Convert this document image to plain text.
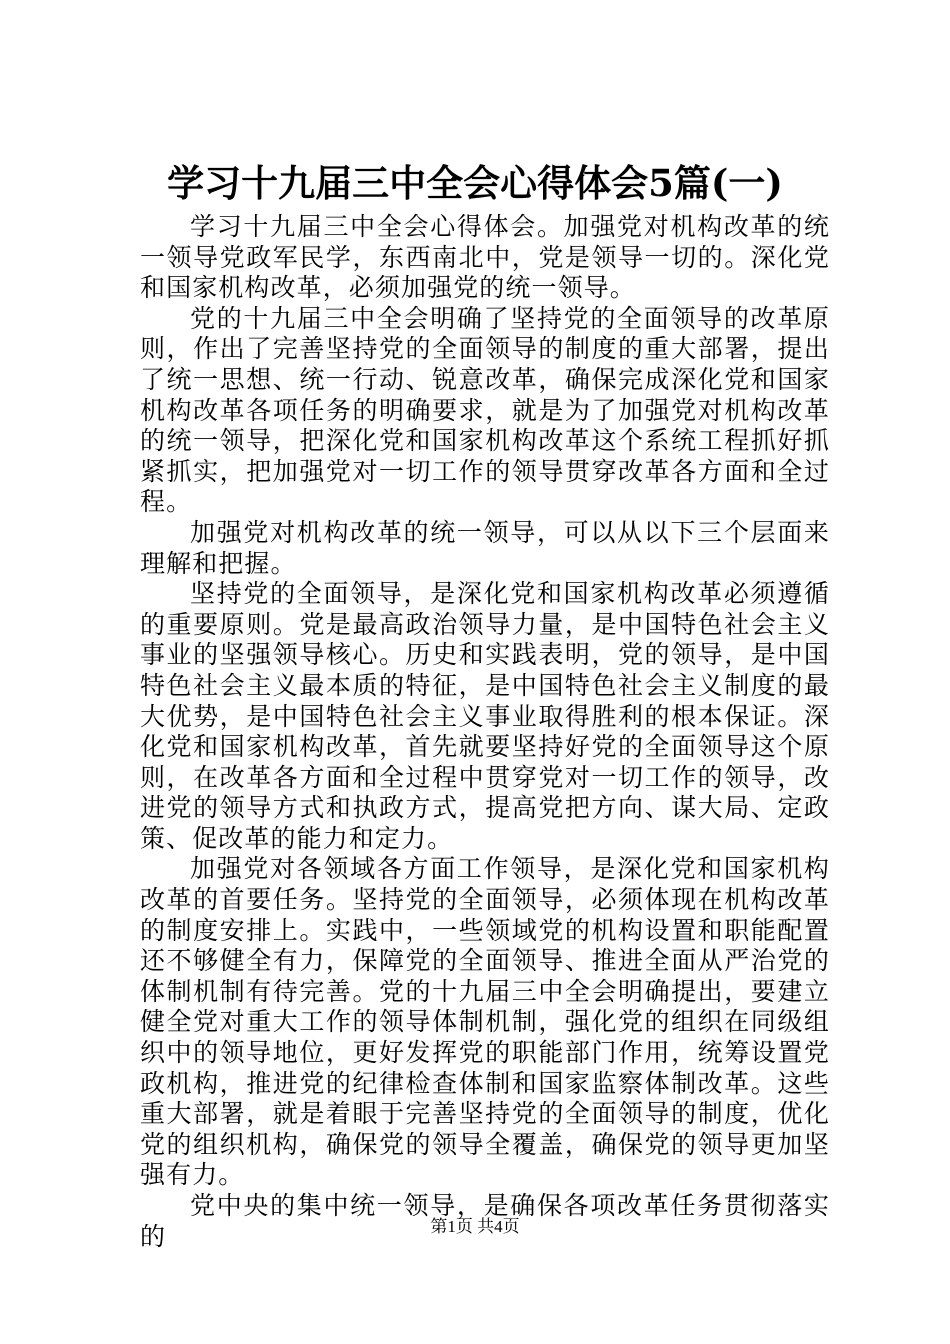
学习十九届三中全会心得体会5篇(一)

学习十九届三中全会心得体会。加强党对机构改革的统一领导党政军民学，东西南北中，党是领导一切的。深化党和国家机构改革，必须加强党的统一领导。

党的十九届三中全会明确了坚持党的全面领导的改革原则，作出了完善坚持党的全面领导的制度的重大部署，提出了统一思想、统一行动、锐意改革，确保完成深化党和国家机构改革各项任务的明确要求，就是为了加强党对机构改革的统一领导，把深化党和国家机构改革这个系统工程抓好抓紧抓实，把加强党对一切工作的领导贯穿改革各方面和全过程。

加强党对机构改革的统一领导，可以从以下三个层面来理解和把握。

坚持党的全面领导，是深化党和国家机构改革必须遵循的重要原则。党是最高政治领导力量，是中国特色社会主义事业的坚强领导核心。历史和实践表明，党的领导，是中国特色社会主义最本质的特征，是中国特色社会主义制度的最大优势，是中国特色社会主义事业取得胜利的根本保证。深化党和国家机构改革，首先就要坚持好党的全面领导这个原则，在改革各方面和全过程中贯穿党对一切工作的领导，改进党的领导方式和执政方式，提高党把方向、谋大局、定政策、促改革的能力和定力。

加强党对各领域各方面工作领导，是深化党和国家机构改革的首要任务。坚持党的全面领导，必须体现在机构改革的制度安排上。实践中，一些领域党的机构设置和职能配置还不够健全有力，保障党的全面领导、推进全面从严治党的体制机制有待完善。党的十九届三中全会明确提出，要建立健全党对重大工作的领导体制机制，强化党的组织在同级组织中的领导地位，更好发挥党的职能部门作用，统筹设置党政机构，推进党的纪律检查体制和国家监察体制改革。这些重大部署，就是着眼于完善坚持党的全面领导的制度，优化党的组织机构，确保党的领导全覆盖，确保党的领导更加坚强有力。

党中央的集中统一领导，是确保各项改革任务贯彻落实的	第1页 共4页
